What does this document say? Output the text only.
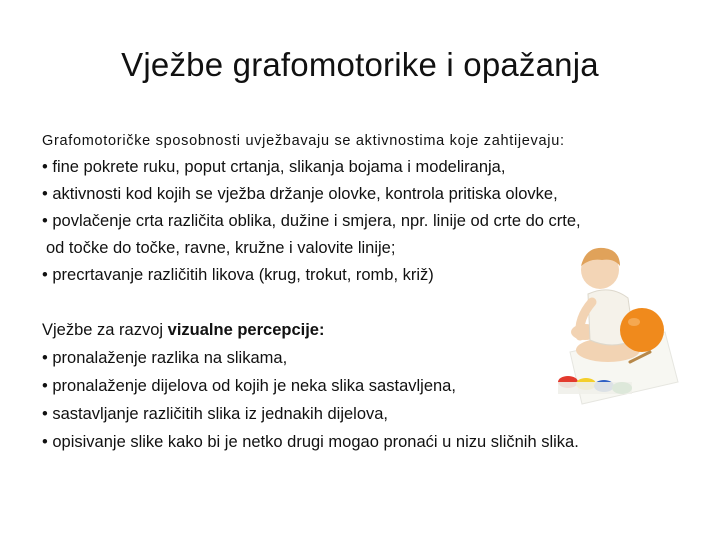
Vježbe grafomotorike i opažanja
Grafomotoričke sposobnosti uvježbavaju se aktivnostima koje zahtijevaju:
• fine pokrete ruku, poput crtanja, slikanja bojama i modeliranja,
• aktivnosti kod kojih se vježba držanje olovke, kontrola pritiska olovke,
• povlačenje crta različita oblika, dužine i smjera, npr. linije od crte do crte,
od točke do točke, ravne, kružne i valovite linije;
• precrtavanje različitih likova (krug, trokut, romb, križ)
Vježbe za razvoj vizualne percepcije:
• pronalaženje razlika na slikama,
• pronalaženje dijelova od kojih je neka slika sastavljena,
• sastavljanje različitih slika iz jednakih dijelova,
• opisivanje slike kako bi je netko drugi mogao pronaći u nizu sličnih slika.
